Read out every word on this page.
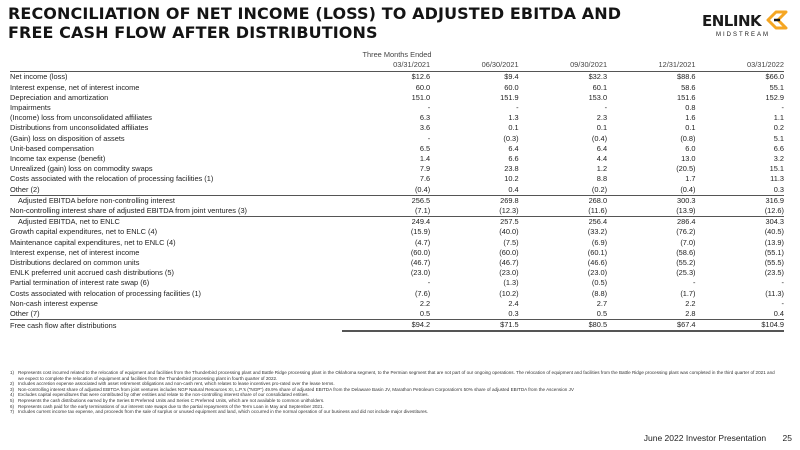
RECONCILIATION OF NET INCOME (LOSS) TO ADJUSTED EBITDA AND FREE CASH FLOW AFTER DISTRIBUTIONS
ENLINK
MIDSTREAM
Three Months Ended					
	03/31/2021	06/30/2021	09/30/2021	12/31/2021	03/31/2022
Net income (loss)	$12.6	$9.4	$32.3	$88.6	$66.0
Interest expense, net of interest income	60.0	60.0	60.1	58.6	55.1
Depreciation and amortization	151.0	151.9	153.0	151.6	152.9
Impairments	-	-	-	0.8	-
(Income) loss from unconsolidated affiliates	6.3	1.3	2.3	1.6	1.1
Distributions from unconsolidated affiliates	3.6	0.1	0.1	0.1	0.2
(Gain) loss on disposition of assets	-	(0.3)	(0.4)	(0.8)	5.1
Unit-based compensation	6.5	6.4	6.4	6.0	6.6
Income tax expense (benefit)	1.4	6.6	4.4	13.0	3.2
Unrealized (gain) loss on commodity swaps	7.9	23.8	1.2	(20.5)	15.1
Costs associated with the relocation of processing facilities (1)	7.6	10.2	8.8	1.7	11.3
Other (2)	(0.4)	0.4	(0.2)	(0.4)	0.3
Adjusted EBITDA before non-controlling interest	256.5	269.8	268.0	300.3	316.9
Non-controlling interest share of adjusted EBITDA from joint ventures (3)	(7.1)	(12.3)	(11.6)	(13.9)	(12.6)
Adjusted EBITDA, net to ENLC	249.4	257.5	256.4	286.4	304.3
Growth capital expenditures, net to ENLC (4)	(15.9)	(40.0)	(33.2)	(76.2)	(40.5)
Maintenance capital expenditures, net to ENLC (4)	(4.7)	(7.5)	(6.9)	(7.0)	(13.9)
Interest expense, net of interest income	(60.0)	(60.0)	(60.1)	(58.6)	(55.1)
Distributions declared on common units	(46.7)	(46.7)	(46.6)	(55.2)	(55.5)
ENLK preferred unit accrued cash distributions (5)	(23.0)	(23.0)	(23.0)	(25.3)	(23.5)
Partial termination of interest rate swap (6)	-	(1.3)	(0.5)	-	-
Costs associated with relocation of processing facilities (1)	(7.6)	(10.2)	(8.8)	(1.7)	(11.3)
Non-cash interest expense	2.2	2.4	2.7	2.2	-
Other (7)	0.5	0.3	0.5	2.8	0.4
Free cash flow after distributions	$94.2	$71.5	$80.5	$67.4	$104.9
1) Represents cost incurred related to the relocation of equipment and facilities from the Thunderbird processing plant and Battle Ridge processing plant in the Oklahoma segment, to the Permian segment that are not part of our ongoing operations. The relocation of equipment and facilities from the Battle Ridge processing plant was completed in the third quarter of 2021 and we expect to complete the relocation of equipment and facilities from the Thunderbird processing plant in fourth quarter of 2022.
2) Includes accretion expense associated with asset retirement obligations and non-cash rent, which relates to lease incentives pro-rated over the lease terms.
3) Non-controlling interest share of adjusted EBITDA from joint ventures includes NGP Natural Resources XI, L.P.'s ("NGP") 49.9% share of adjusted EBITDA from the Delaware Basin JV, Marathon Petroleum Corporation's 50% share of adjusted EBITDA from the Ascension JV
4) Excludes capital expenditures that were contributed by other entities and relate to the non-controlling interest share of our consolidated entities.
5) Represents the cash distributions earned by the Series B Preferred Units and Series C Preferred Units, which are not available to common unitholders.
6) Represents cash paid for the early terminations of our interest rate swaps due to the partial repayments of the Term Loan in May and September 2021.
7) Includes current income tax expense, and proceeds from the sale of surplus or unused equipment and land, which occurred in the normal operation of our business and did not include major divestitures.
June 2022 Investor Presentation 25
